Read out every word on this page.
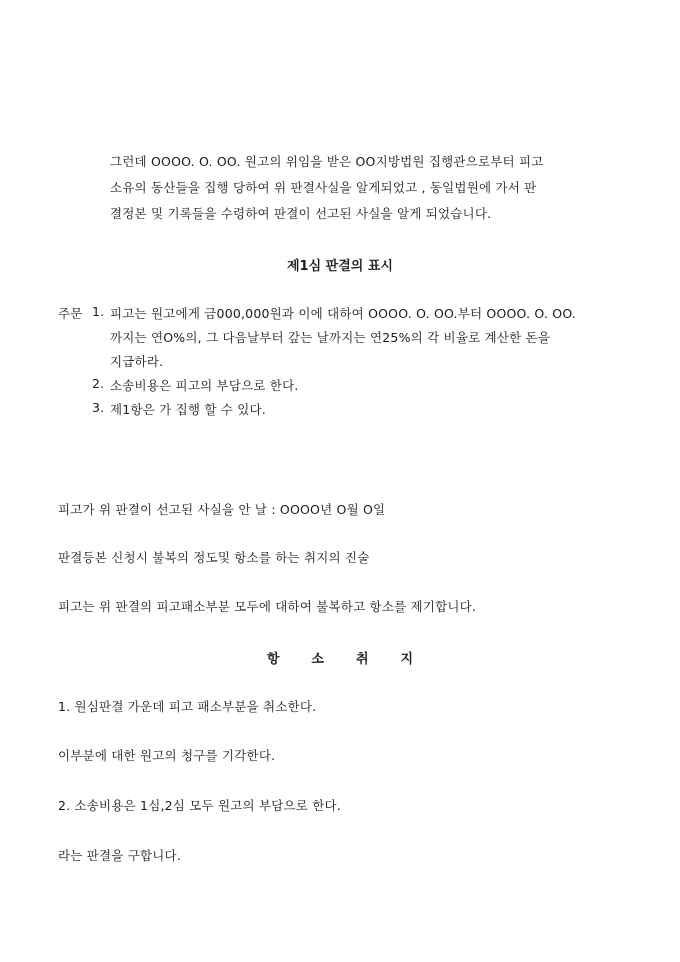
그런데 OOOO. O. OO. 원고의 위임을 받은 OO지방법원 집행관으로부터 피고
소유의 동산들을 집행 당하여 위 판결사실을 알게되었고 , 동일법원에 가서 판
결정본 및 기록들을 수령하여 판결이 선고된 사실을 알게 되었습니다.
제1심 판결의 표시
주문 1. 피고는 원고에게 금000,000원과 이에 대하여 OOOO. O. OO.부터 OOOO. O. OO.
까지는 연O%의, 그 다음날부터 갚는 날까지는 연25%의 각 비율로 계산한 돈을
지급하라.
2. 소송비용은 피고의 부담으로 한다.
3. 제1항은 가 집행 할 수 있다.
피고가 위 판결이 선고된 사실을 안 날 : OOOO년 O월 O일
판결등본 신청시 불복의 정도및 항소를 하는 취지의 진술
피고는 위 판결의 피고패소부분 모두에 대하여 불복하고 항소를 제기합니다.
항소취지
1. 원심판결 가운데 피고 패소부분을 취소한다.
이부분에 대한 원고의 청구를 기각한다.
2. 소송비용은 1심,2심 모두 원고의 부담으로 한다.
라는 판결을 구합니다.
